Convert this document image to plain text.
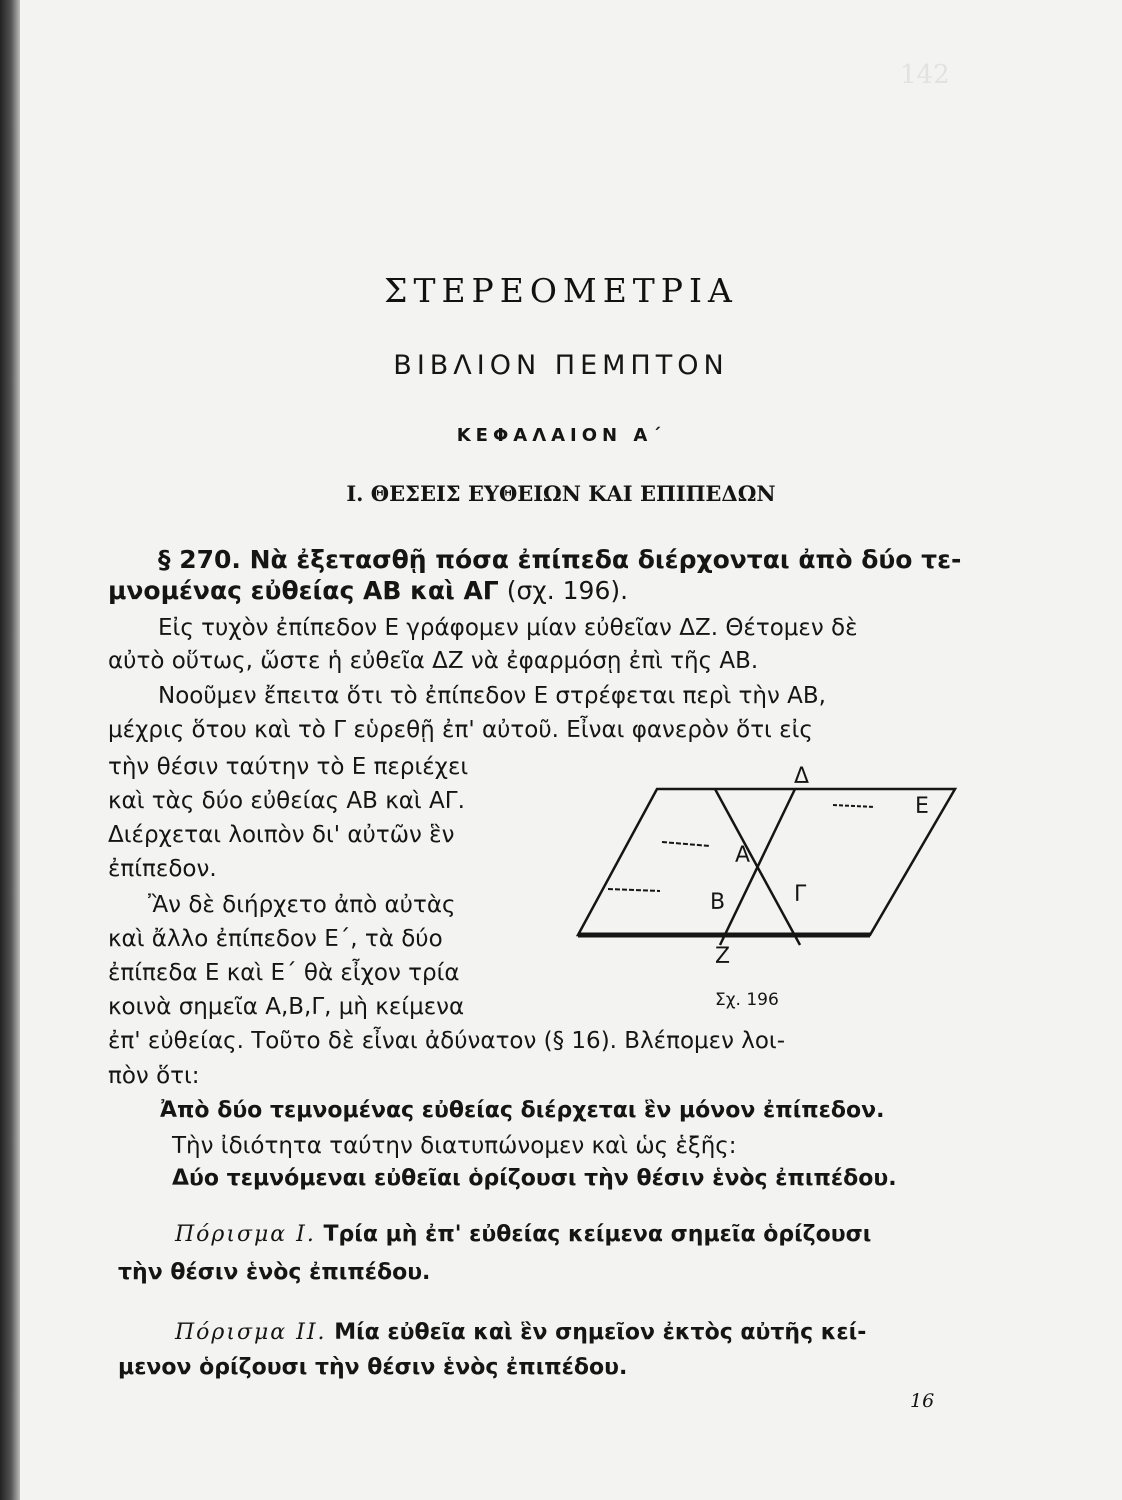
142
ΣΤΕΡΕΟΜΕΤΡΙΑ
ΒΙΒΛΙΟΝ ΠΕΜΠΤΟΝ
ΚΕΦΑΛΑΙΟΝ Α΄
I. ΘΕΣΕΙΣ ΕΥΘΕΙΩΝ ΚΑΙ ΕΠΙΠΕΔΩΝ
§ 270. Νὰ ἐξετασθῇ πόσα ἐπίπεδα διέρχονται ἀπὸ δύο τε-
μνομένας εὐθείας ΑΒ καὶ ΑΓ (σχ. 196).
Εἰς τυχὸν ἐπίπεδον Ε γράφομεν μίαν εὐθεῖαν ΔΖ. Θέτομεν δὲ
αὐτὸ οὕτως, ὥστε ἡ εὐθεῖα ΔΖ νὰ ἐφαρμόσῃ ἐπὶ τῆς ΑΒ.
Νοοῦμεν ἔπειτα ὅτι τὸ ἐπίπεδον Ε στρέφεται περὶ τὴν ΑΒ,
μέχρις ὅτου καὶ τὸ Γ εὑρεθῇ ἐπ' αὐτοῦ. Εἶναι φανερὸν ὅτι εἰς
τὴν θέσιν ταύτην τὸ Ε περιέχει
καὶ τὰς δύο εὐθείας ΑΒ καὶ ΑΓ.
Διέρχεται λοιπὸν δι' αὐτῶν ἓν
ἐπίπεδον.
Ἂν δὲ διήρχετο ἀπὸ αὐτὰς
καὶ ἄλλο ἐπίπεδον Ε΄, τὰ δύο
ἐπίπεδα Ε καὶ Ε΄ θὰ εἶχον τρία
κοινὰ σημεῖα Α,Β,Γ, μὴ κείμενα
ἐπ' εὐθείας. Τοῦτο δὲ εἶναι ἀδύνατον (§ 16). Βλέπομεν λοι-
πὸν ὅτι:
Ἀπὸ δύο τεμνομένας εὐθείας διέρχεται ἓν μόνον ἐπίπεδον.
Τὴν ἰδιότητα ταύτην διατυπώνομεν καὶ ὡς ἑξῆς:
Δύο τεμνόμεναι εὐθεῖαι ὁρίζουσι τὴν θέσιν ἑνὸς ἐπιπέδου.
Πόρισμα I. Τρία μὴ ἐπ' εὐθείας κείμενα σημεῖα ὁρίζουσι
τὴν θέσιν ἑνὸς ἐπιπέδου.
Πόρισμα II. Μία εὐθεῖα καὶ ἓν σημεῖον ἐκτὸς αὐτῆς κεί-
μενον ὁρίζουσι τὴν θέσιν ἑνὸς ἐπιπέδου.
Δ
Ε
Α
Β	Γ
Ζ
Σχ. 196
16
